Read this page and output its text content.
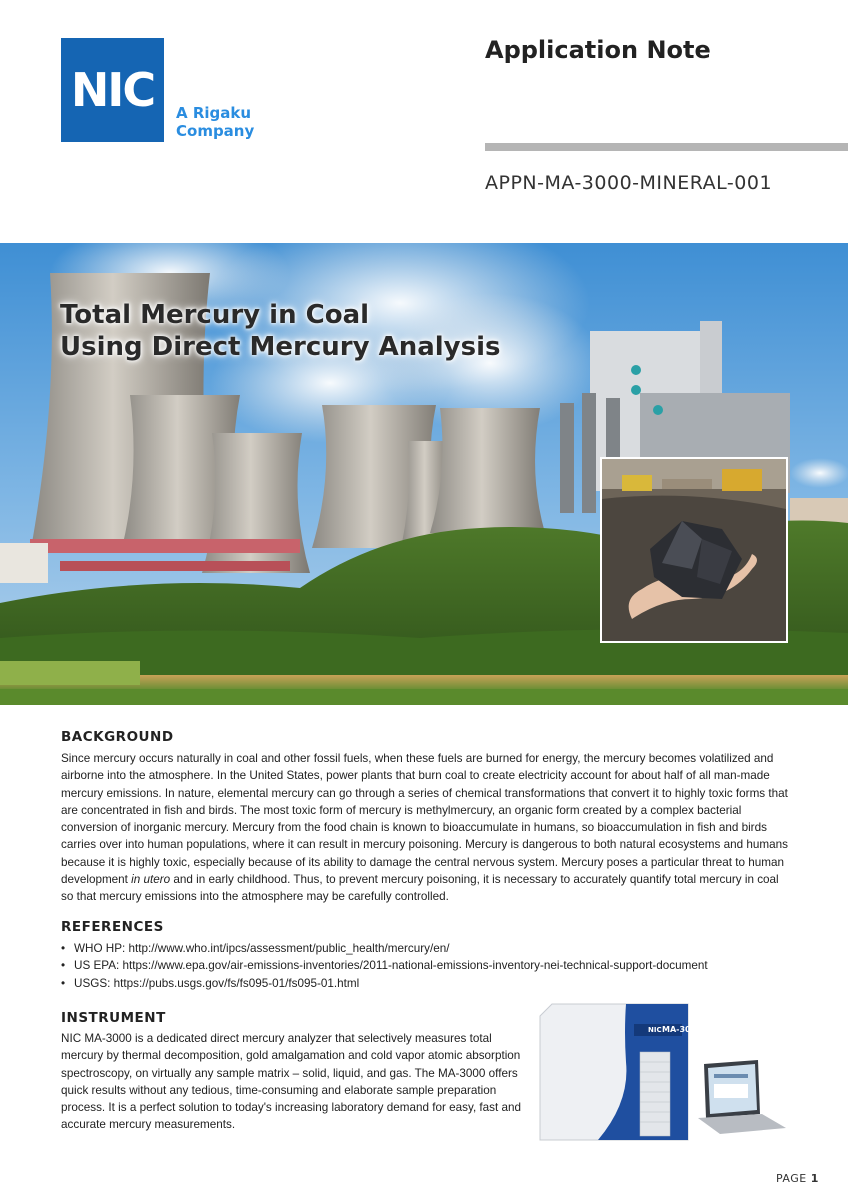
NIC A Rigaku
Company
Application Note
APPN-MA-3000-MINERAL-001
Total Mercury in Coal
Using Direct Mercury Analysis
BACKGROUND

Since mercury occurs naturally in coal and other fossil fuels, when these fuels are burned for energy, the mercury becomes volatilized and airborne into the atmosphere. In the United States, power plants that burn coal to create electricity account for about half of all man-made mercury emissions. In nature, elemental mercury can go through a series of chemical transformations that convert it to highly toxic forms that are concentrated in fish and birds. The most toxic form of mercury is methylmercury, an organic form created by a complex bacterial conversion of inorganic mercury. Mercury from the food chain is known to bioaccumulate in humans, so bioaccumulation in fish and birds carries over into human populations, where it can result in mercury poisoning. Mercury is dangerous to both natural ecosystems and humans because it is highly toxic, especially because of its ability to damage the central nervous system. Mercury poses a particular threat to human development in utero and in early childhood. Thus, to prevent mercury poisoning, it is necessary to accurately quantify total mercury in coal so that mercury emissions into the atmosphere may be carefully controlled.

REFERENCES
• WHO HP: http://www.who.int/ipcs/assessment/public_health/mercury/en/
• US EPA: https://www.epa.gov/air-emissions-inventories/2011-national-emissions-inventory-nei-technical-support-document
• USGS: https://pubs.usgs.gov/fs/fs095-01/fs095-01.html
INSTRUMENT

NIC MA-3000 is a dedicated direct mercury analyzer that selectively measures total mercury by thermal decomposition, gold amalgamation and cold vapor atomic absorption spectroscopy, on virtually any sample matrix – solid, liquid, and gas. The MA-3000 offers quick results without any tedious, time-consuming and elaborate sample preparation process. It is a perfect solution to today's increasing laboratory demand for easy, fast and accurate mercury measurements.

NIC MA-3000
PAGE 1
